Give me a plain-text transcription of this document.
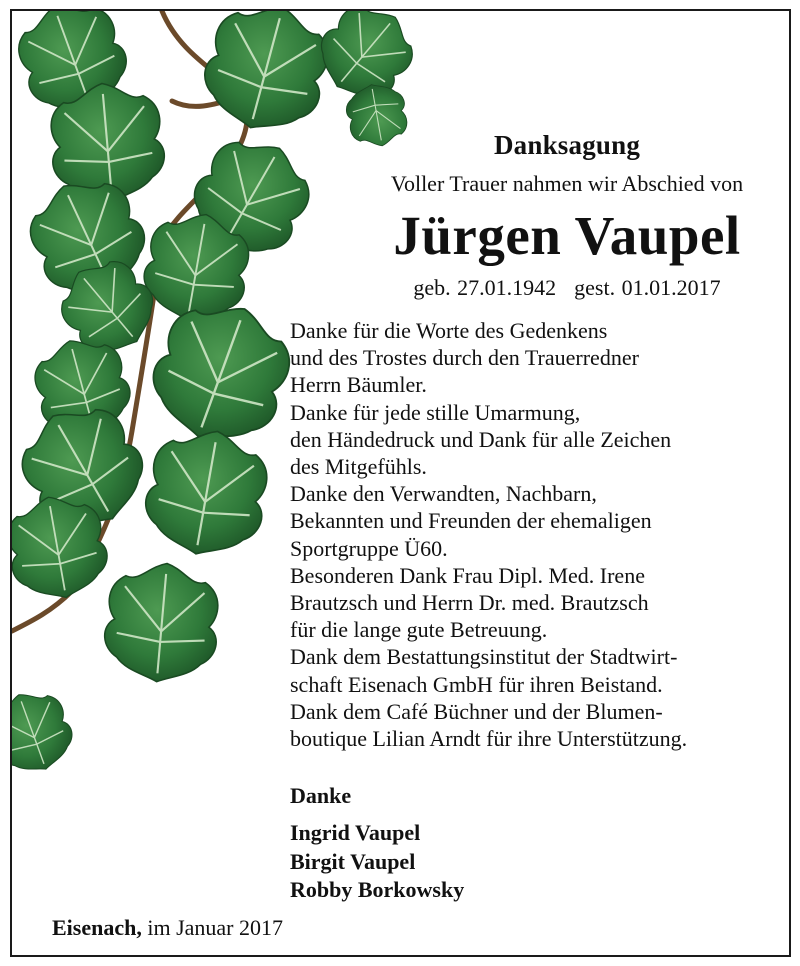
Danksagung
Voller Trauer nahmen wir Abschied von
Jürgen Vaupel
geb. 27.01.1942 gest. 01.01.2017
Danke für die Worte des Gedenkens
und des Trostes durch den Trauerredner
Herrn Bäumler.
Danke für jede stille Umarmung,
den Händedruck und Dank für alle Zeichen
des Mitgefühls.
Danke den Verwandten, Nachbarn,
Bekannten und Freunden der ehemaligen
Sportgruppe Ü60.
Besonderen Dank Frau Dipl. Med. Irene
Brautzsch und Herrn Dr. med. Brautzsch
für die lange gute Betreuung.
Dank dem Bestattungsinstitut der Stadtwirt-
schaft Eisenach GmbH für ihren Beistand.
Dank dem Café Büchner und der Blumen-
boutique Lilian Arndt für ihre Unterstützung.
Danke
Ingrid Vaupel
Birgit Vaupel
Robby Borkowsky
Eisenach, im Januar 2017
